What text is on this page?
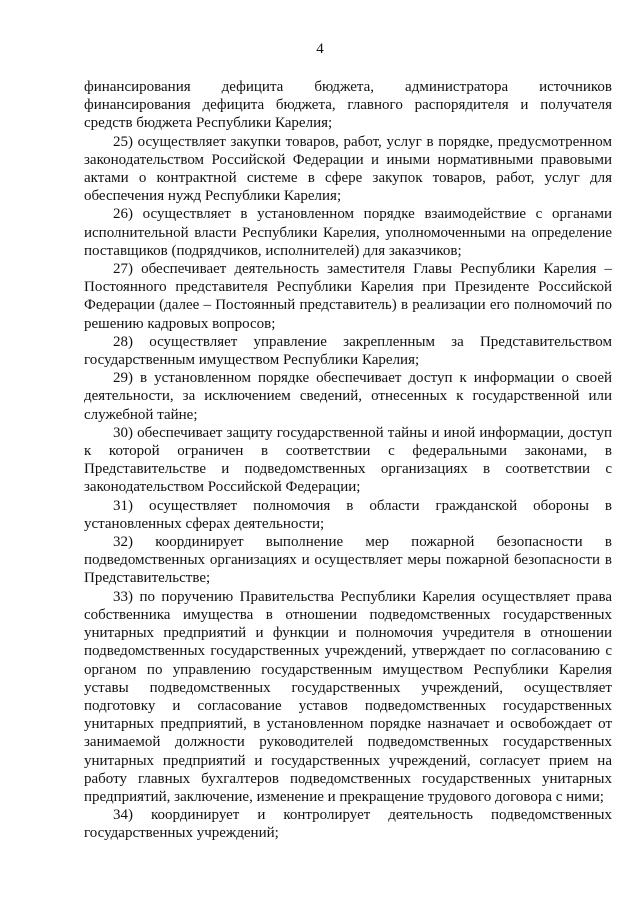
4

финансирования дефицита бюджета, администратора источников финансирования дефицита бюджета, главного распорядителя и получателя средств бюджета Республики Карелия;

25) осуществляет закупки товаров, работ, услуг в порядке, предусмотренном законодательством Российской Федерации и иными нормативными правовыми актами о контрактной системе в сфере закупок товаров, работ, услуг для обеспечения нужд Республики Карелия;

26) осуществляет в установленном порядке взаимодействие с органами исполнительной власти Республики Карелия, уполномоченными на определение поставщиков (подрядчиков, исполнителей) для заказчиков;

27) обеспечивает деятельность заместителя Главы Республики Карелия – Постоянного представителя Республики Карелия при Президенте Российской Федерации (далее – Постоянный представитель) в реализации его полномочий по решению кадровых вопросов;

28) осуществляет управление закрепленным за Представительством государственным имуществом Республики Карелия;

29) в установленном порядке обеспечивает доступ к информации о своей деятельности, за исключением сведений, отнесенных к государственной или служебной тайне;

30) обеспечивает защиту государственной тайны и иной информации, доступ к которой ограничен в соответствии с федеральными законами, в Представительстве и подведомственных организациях в соответствии с законодательством Российской Федерации;

31) осуществляет полномочия в области гражданской обороны в установленных сферах деятельности;

32) координирует выполнение мер пожарной безопасности в подведомственных организациях и осуществляет меры пожарной безопасности в Представительстве;

33) по поручению Правительства Республики Карелия осуществляет права собственника имущества в отношении подведомственных государственных унитарных предприятий и функции и полномочия учредителя в отношении подведомственных государственных учреждений, утверждает по согласованию с органом по управлению государственным имуществом Республики Карелия уставы подведомственных государственных учреждений, осуществляет подготовку и согласование уставов подведомственных государственных унитарных предприятий, в установленном порядке назначает и освобождает от занимаемой должности руководителей подведомственных государственных унитарных предприятий и государственных учреждений, согласует прием на работу главных бухгалтеров подведомственных государственных унитарных предприятий, заключение, изменение и прекращение трудового договора с ними;

34) координирует и контролирует деятельность подведомственных государственных учреждений;
